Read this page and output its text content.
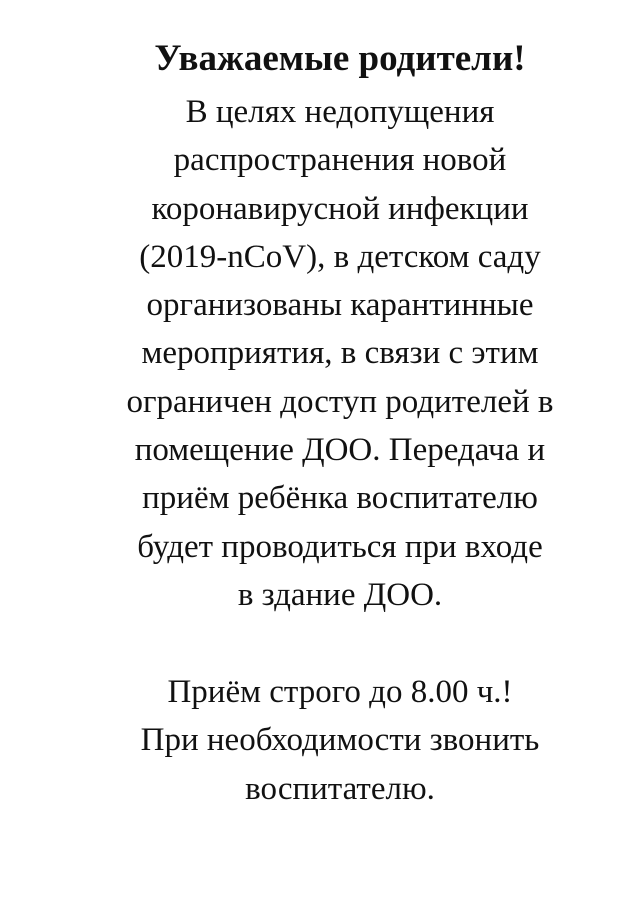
Уважаемые родители!
В целях недопущения
распространения новой
коронавирусной инфекции
(2019-nCoV), в детском саду
организованы карантинные
мероприятия, в связи с этим
ограничен доступ родителей в
помещение ДОО. Передача и
приём ребёнка воспитателю
будет проводиться при входе
в здание ДОО.
Приём строго до 8.00 ч.!
При необходимости звонить
воспитателю.
